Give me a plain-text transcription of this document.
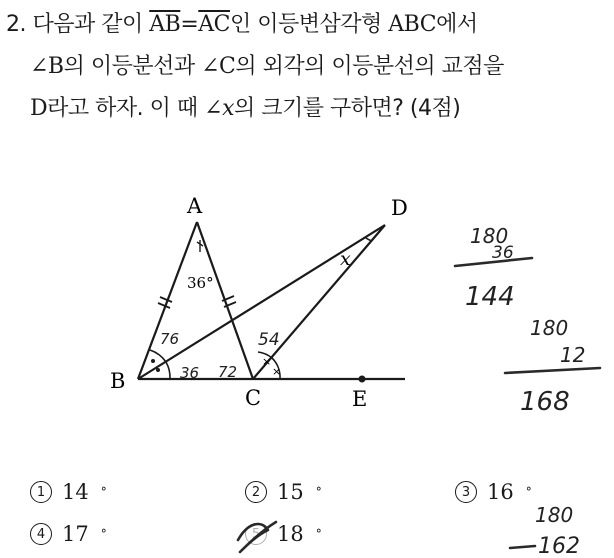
2. 다음과 같이 $\overline{AB}=\overline{AC}$인 이등변삼각형 ABC에서
∠B의 이등분선과 ∠C의 외각의 이등분선의 교점을
D라고 하자. 이 때 ∠x의 크기를 구하면? (4점)
×
×
A
B
C
D
E
x
36°
76
36 72
54
180
36
144
180
12
168
180
162
1 14 °	2 15 °	3 16 °
4 17 °	5 18 °
